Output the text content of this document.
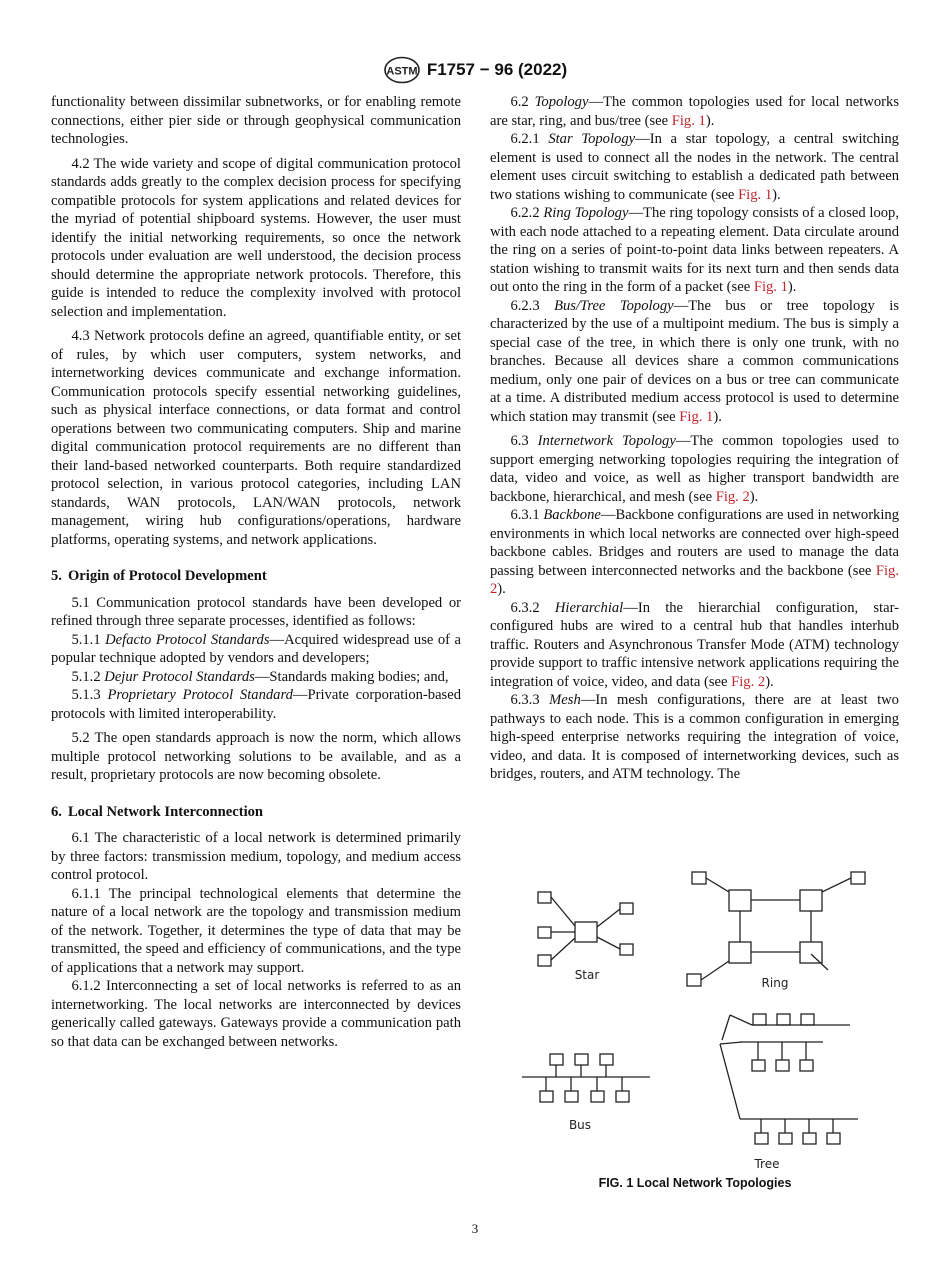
ASTM F1757 − 96 (2022)

functionality between dissimilar subnetworks, or for enabling remote connections, either pier side or through geophysical communication technologies.

4.2 The wide variety and scope of digital communication protocol standards adds greatly to the complex decision process for specifying compatible protocols for system applications and related devices for the myriad of potential shipboard systems. However, the user must identify the initial networking requirements, so once the network protocols under evaluation are well understood, the decision process should determine the appropriate network protocols. Therefore, this guide is intended to reduce the complexity involved with protocol selection and implementation.

4.3 Network protocols define an agreed, quantifiable entity, or set of rules, by which user computers, system networks, and internetworking devices communicate and exchange information. Communication protocols specify essential networking guidelines, such as physical interface connections, or data format and control operations between two communicating computers. Ship and marine digital communication protocol requirements are no different than their land-based networked counterparts. Both require standardized protocol selection, in various protocol categories, including LAN standards, WAN protocols, LAN/WAN protocols, network management, wiring hub configurations/operations, hardware platforms, operating systems, and network applications.

5. Origin of Protocol Development

5.1 Communication protocol standards have been developed or refined through three separate processes, identified as follows:

5.1.1 Defacto Protocol Standards—Acquired widespread use of a popular technique adopted by vendors and developers;

5.1.2 Dejur Protocol Standards—Standards making bodies; and,

5.1.3 Proprietary Protocol Standard—Private corporation-based protocols with limited interoperability.

5.2 The open standards approach is now the norm, which allows multiple protocol networking solutions to be available, and as a result, proprietary protocols are now becoming obsolete.

6. Local Network Interconnection

6.1 The characteristic of a local network is determined primarily by three factors: transmission medium, topology, and medium access control protocol.

6.1.1 The principal technological elements that determine the nature of a local network are the topology and transmission medium of the network. Together, it determines the type of data that may be transmitted, the speed and efficiency of communications, and the type of applications that a network may support.

6.1.2 Interconnecting a set of local networks is referred to as an internetworking. The local networks are interconnected by devices generically called gateways. Gateways provide a communication path so that data can be exchanged between networks.

6.2 Topology—The common topologies used for local networks are star, ring, and bus/tree (see Fig. 1).

6.2.1 Star Topology—In a star topology, a central switching element is used to connect all the nodes in the network. The central element uses circuit switching to establish a dedicated path between two stations wishing to communicate (see Fig. 1).

6.2.2 Ring Topology—The ring topology consists of a closed loop, with each node attached to a repeating element. Data circulate around the ring on a series of point-to-point data links between repeaters. A station wishing to transmit waits for its next turn and then sends data out onto the ring in the form of a packet (see Fig. 1).

6.2.3 Bus/Tree Topology—The bus or tree topology is characterized by the use of a multipoint medium. The bus is simply a special case of the tree, in which there is only one trunk, with no branches. Because all devices share a common communications medium, only one pair of devices on a bus or tree can communicate at a time. A distributed medium access protocol is used to determine which station may transmit (see Fig. 1).

6.3 Internetwork Topology—The common topologies used to support emerging networking topologies requiring the integration of data, video and voice, as well as higher transport bandwidth are backbone, hierarchical, and mesh (see Fig. 2).

6.3.1 Backbone—Backbone configurations are used in networking environments in which local networks are connected over high-speed backbone cables. Bridges and routers are used to manage the data passing between interconnected networks and the backbone (see Fig. 2).

6.3.2 Hierarchial—In the hierarchial configuration, star-configured hubs are wired to a central hub that handles interhub traffic. Routers and Asynchronous Transfer Mode (ATM) technology provide support to traffic intensive network applications requiring the integration of voice, video, and data (see Fig. 2).

6.3.3 Mesh—In mesh configurations, there are at least two pathways to each node. This is a common configuration in emerging high-speed enterprise networks requiring the integration of voice, video, and data. It is composed of internetworking devices, such as bridges, routers, and ATM technology. The

Star
Ring
Bus
Tree
FIG. 1 Local Network Topologies
3
